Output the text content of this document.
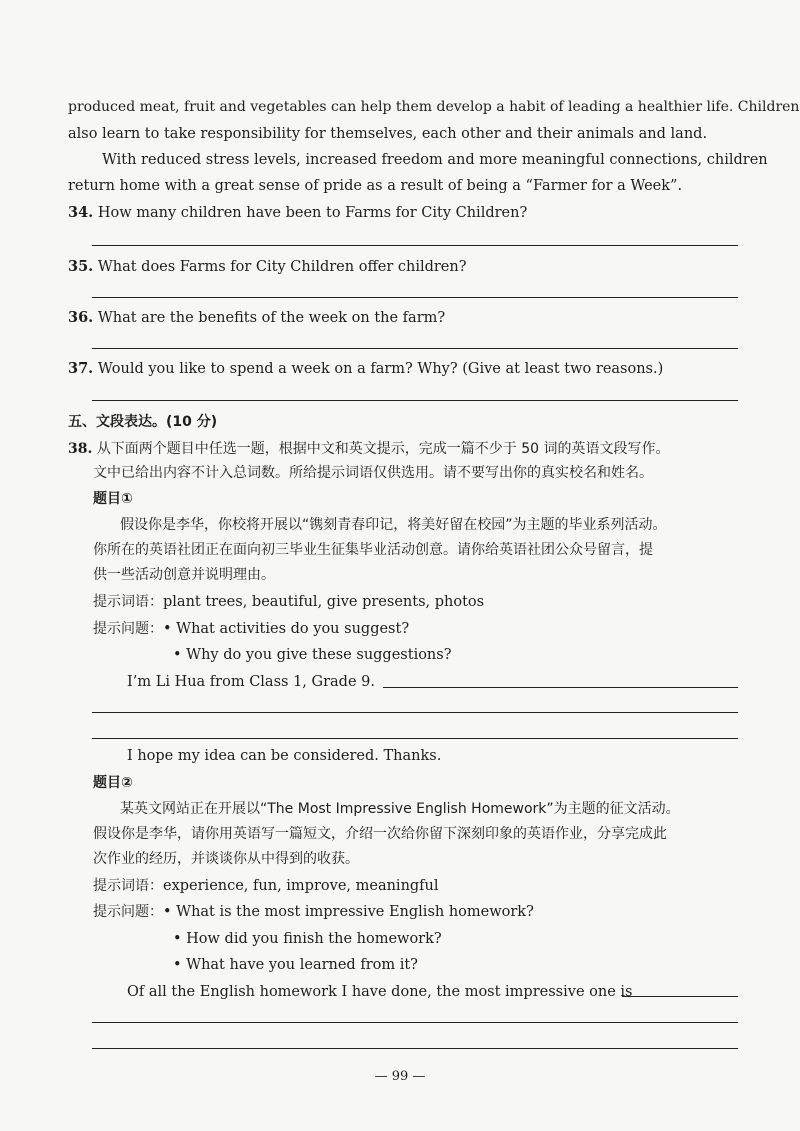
produced meat, fruit and vegetables can help them develop a habit of leading a healthier life. Children
also learn to take responsibility for themselves, each other and their animals and land.
With reduced stress levels, increased freedom and more meaningful connections, children
return home with a great sense of pride as a result of being a “Farmer for a Week”.
34. How many children have been to Farms for City Children?
35. What does Farms for City Children offer children?
36. What are the benefits of the week on the farm?
37. Would you like to spend a week on a farm? Why? (Give at least two reasons.)
五、文段表达。(10 分)
38. 从下面两个题目中任选一题，根据中文和英文提示，完成一篇不少于 50 词的英语文段写作。
文中已给出内容不计入总词数。所给提示词语仅供选用。请不要写出你的真实校名和姓名。
题目①
假设你是李华，你校将开展以“镌刻青春印记，将美好留在校园”为主题的毕业系列活动。
你所在的英语社团正在面向初三毕业生征集毕业活动创意。请你给英语社团公众号留言，提
供一些活动创意并说明理由。
提示词语：plant trees, beautiful, give presents, photos
提示问题：• What activities do you suggest?
• Why do you give these suggestions?
I’m Li Hua from Class 1, Grade 9.
I hope my idea can be considered. Thanks.
题目②
某英文网站正在开展以“The Most Impressive English Homework”为主题的征文活动。
假设你是李华，请你用英语写一篇短文，介绍一次给你留下深刻印象的英语作业，分享完成此
次作业的经历，并谈谈你从中得到的收获。
提示词语：experience, fun, improve, meaningful
提示问题：• What is the most impressive English homework?
• How did you finish the homework?
• What have you learned from it?
Of all the English homework I have done, the most impressive one is
— 99 —
